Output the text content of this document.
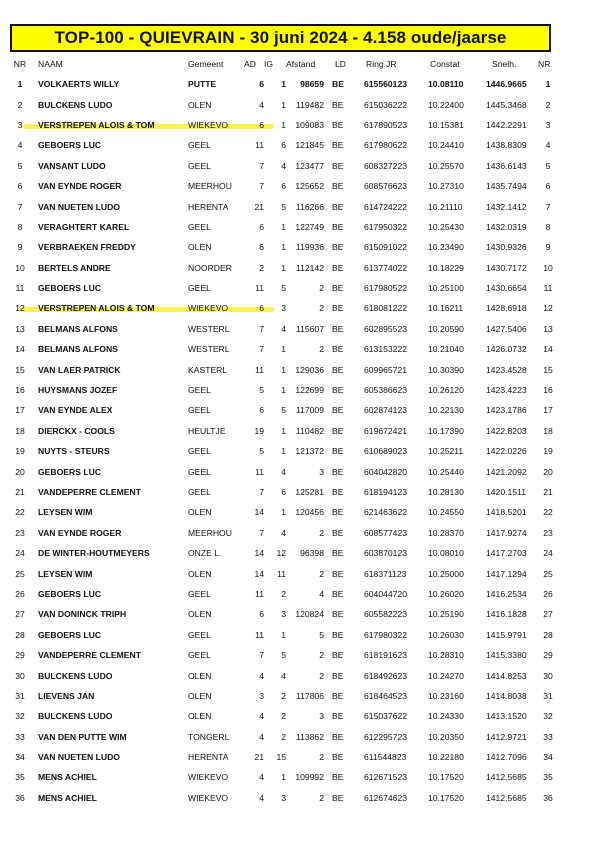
TOP-100 - QUIEVRAIN - 30 juni 2024 - 4.158 oude/jaarse
NR	NAAM	Gemeent	AD	IG	Afstand	LD	Ring JR	Constat	Snelh.	NR
1	VOLKAERTS WILLY	PUTTE	6	1	98659	BE	615560123	10.08110	1446.9665	1
2	BULCKENS LUDO	OLEN	4	1	119482	BE	615036222	10.22400	1445.3468	2
3	VERSTREPEN ALOIS & TOM	WIEKEVO	6	1	109083	BE	617890523	10.15381	1442.2291	3
4	GEBOERS LUC	GEEL	11	6	121845	BE	617980622	10.24410	1438.8309	4
5	VANSANT LUDO	GEEL	7	4	123477	BE	608327223	10.25570	1436.6143	5
6	VAN EYNDE ROGER	MEERHOU	7	6	125652	BE	608576623	10.27310	1435.7494	6
7	VAN NUETEN LUDO	HERENTA	21	5	116266	BE	614724222	10.21110	1432.1412	7
8	VERAGHTERT KAREL	GEEL	6	1	122749	BE	617950322	10.25430	1432.0319	8
9	VERBRAEKEN FREDDY	OLEN	6	1	119936	BE	615091022	10.23490	1430.9326	9
10	BERTELS ANDRE	NOORDER	2	1	112142	BE	613774022	10.18229	1430.7172	10
11	GEBOERS LUC	GEEL	11	5	2	BE	617980522	10.25100	1430.6654	11
12	VERSTREPEN ALOIS & TOM	WIEKEVO	6	3	2	BE	618081222	10.16211	1428.6918	12
13	BELMANS ALFONS	WESTERL	7	4	115607	BE	602895523	10.20590	1427.5406	13
14	BELMANS ALFONS	WESTERL	7	1	2	BE	613153222	10.21040	1426.0732	14
15	VAN LAER PATRICK	KASTERL	11	1	129036	BE	609965721	10.30390	1423.4528	15
16	HUYSMANS JOZEF	GEEL	5	1	122699	BE	605386623	10.26120	1423.4223	16
17	VAN EYNDE ALEX	GEEL	6	5	117009	BE	602874123	10.22130	1423.1786	17
18	DIERCKX - COOLS	HEULTJE	19	1	110482	BE	619672421	10.17390	1422.8203	18
19	NUYTS - STEURS	GEEL	5	1	121372	BE	610689023	10.25211	1422.0226	19
20	GEBOERS LUC	GEEL	11	4	3	BE	604042820	10.25440	1421.2092	20
21	VANDEPERRE CLEMENT	GEEL	7	6	125281	BE	618194123	10.28130	1420.1511	21
22	LEYSEN WIM	OLEN	14	1	120456	BE	621463622	10.24550	1418.5201	22
23	VAN EYNDE ROGER	MEERHOU	7	4	2	BE	608577423	10.28370	1417.9274	23
24	DE WINTER-HOUTMEYERS	ONZE L.	14	12	96398	BE	603870123	10.08010	1417.2703	24
25	LEYSEN WIM	OLEN	14	11	2	BE	618371123	10.25000	1417.1294	25
26	GEBOERS LUC	GEEL	11	2	4	BE	604044720	10.26020	1416.2534	26
27	VAN DONINCK TRIPH	OLEN	6	3	120824	BE	605582223	10.25190	1416.1828	27
28	GEBOERS LUC	GEEL	11	1	5	BE	617980322	10.26030	1415.9791	28
29	VANDEPERRE CLEMENT	GEEL	7	5	2	BE	618191623	10.28310	1415.3380	29
30	BULCKENS LUDO	OLEN	4	4	2	BE	618492623	10.24270	1414.8253	30
31	LIEVENS JAN	OLEN	3	2	117806	BE	618464523	10.23160	1414.8038	31
32	BULCKENS LUDO	OLEN	4	2	3	BE	615037622	10.24330	1413.1520	32
33	VAN DEN PUTTE WIM	TONGERL	4	2	113862	BE	612295723	10.20350	1412.9721	33
34	VAN NUETEN LUDO	HERENTA	21	15	2	BE	611544823	10.22180	1412.7096	34
35	MENS ACHIEL	WIEKEVO	4	1	109992	BE	612671523	10.17520	1412.5685	35
36	MENS ACHIEL	WIEKEVO	4	3	2	BE	612674623	10.17520	1412.5685	36
